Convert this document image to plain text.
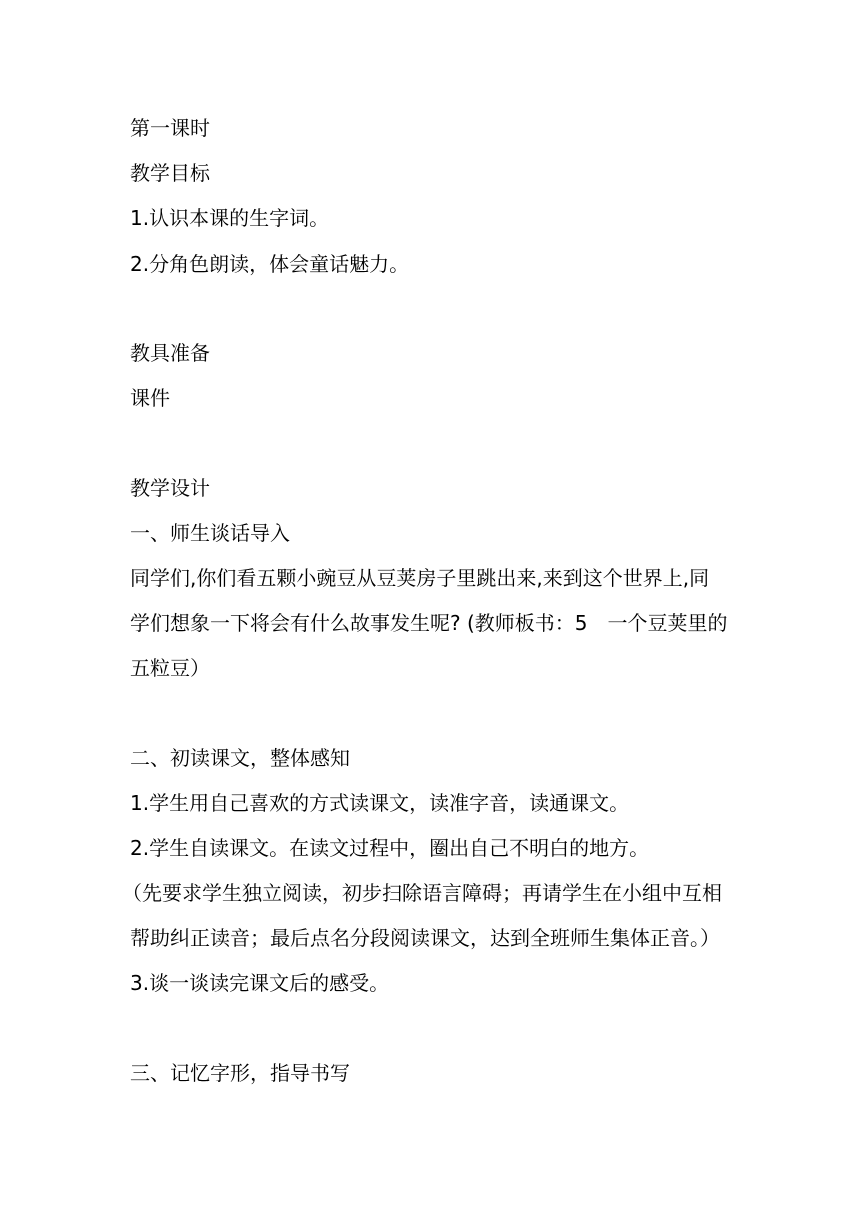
第一课时
教学目标
1.认识本课的生字词。
2.分角色朗读，体会童话魅力。
教具准备
课件
教学设计
一、师生谈话导入
同学们,你们看五颗小豌豆从豆荚房子里跳出来,来到这个世界上,同
学们想象一下将会有什么故事发生呢? (教师板书：5　一个豆荚里的
五粒豆）
二、初读课文，整体感知
1.学生用自己喜欢的方式读课文，读准字音，读通课文。
2.学生自读课文。在读文过程中，圈出自己不明白的地方。
（先要求学生独立阅读，初步扫除语言障碍；再请学生在小组中互相
帮助纠正读音；最后点名分段阅读课文，达到全班师生集体正音。）
3.谈一谈读完课文后的感受。
三、记忆字形，指导书写
